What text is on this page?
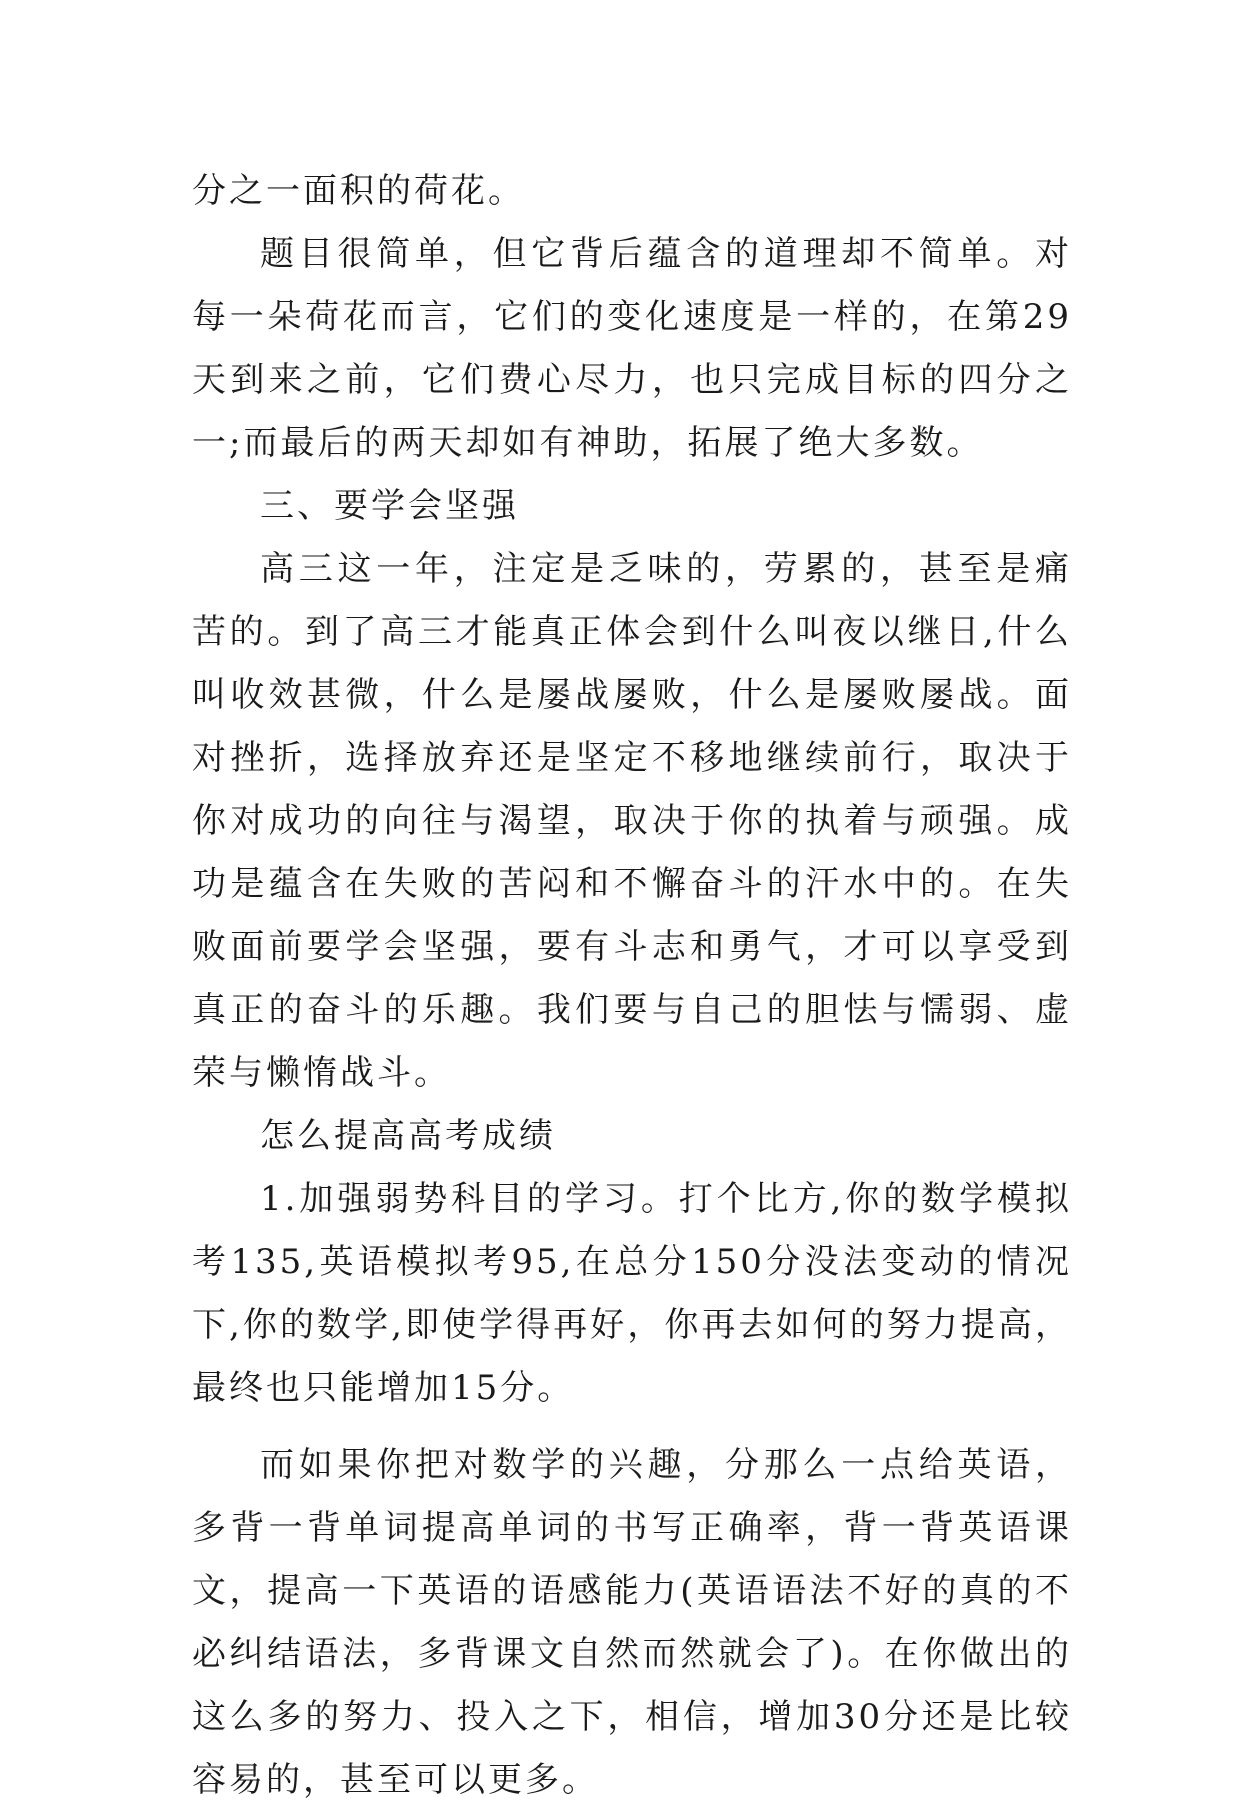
分之一面积的荷花。

题目很简单，但它背后蕴含的道理却不简单。对每一朵荷花而言，它们的变化速度是一样的，在第29天到来之前，它们费心尽力，也只完成目标的四分之一;而最后的两天却如有神助，拓展了绝大多数。

三、要学会坚强

高三这一年，注定是乏味的，劳累的，甚至是痛苦的。到了高三才能真正体会到什么叫夜以继日,什么叫收效甚微，什么是屡战屡败，什么是屡败屡战。面对挫折，选择放弃还是坚定不移地继续前行，取决于你对成功的向往与渴望，取决于你的执着与顽强。成功是蕴含在失败的苦闷和不懈奋斗的汗水中的。在失败面前要学会坚强，要有斗志和勇气，才可以享受到真正的奋斗的乐趣。我们要与自己的胆怯与懦弱、虚荣与懒惰战斗。

怎么提高高考成绩

1.加强弱势科目的学习。打个比方,你的数学模拟考135,英语模拟考95,在总分150分没法变动的情况下,你的数学,即使学得再好，你再去如何的努力提高，最终也只能增加15分。

而如果你把对数学的兴趣，分那么一点给英语，多背一背单词提高单词的书写正确率，背一背英语课文，提高一下英语的语感能力(英语语法不好的真的不必纠结语法，多背课文自然而然就会了)。在你做出的这么多的努力、投入之下，相信，增加30分还是比较容易的，甚至可以更多。
